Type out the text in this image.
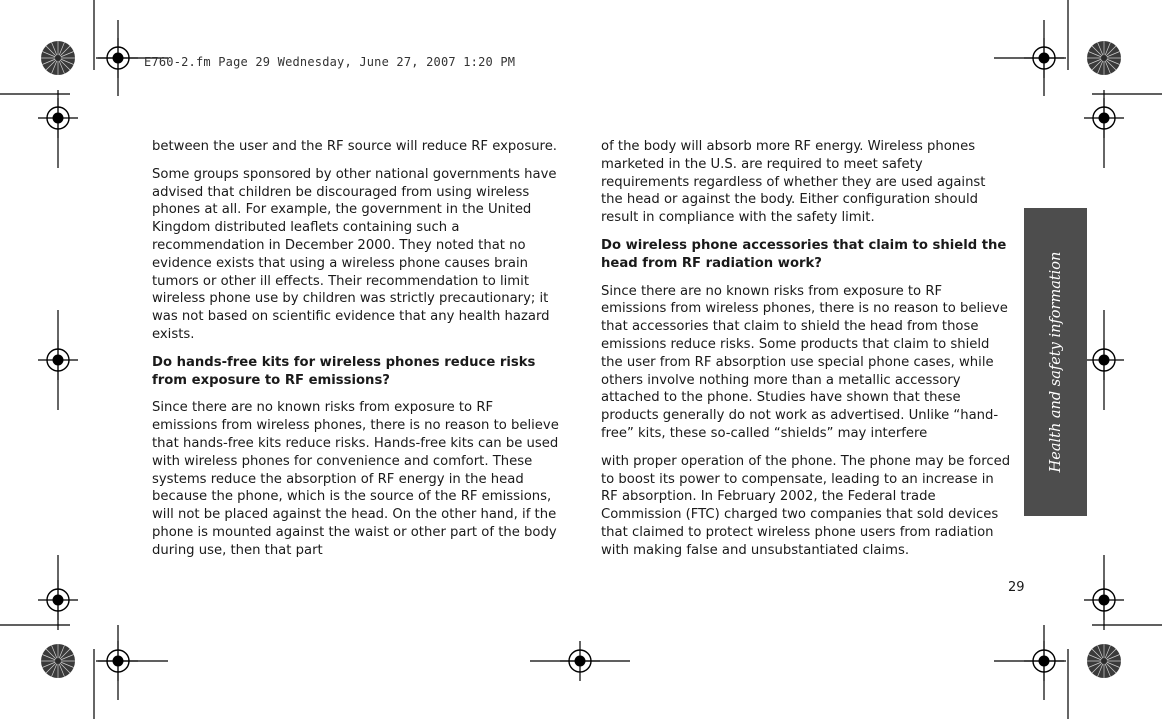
E760-2.fm Page 29 Wednesday, June 27, 2007 1:20 PM

between the user and the RF source will reduce RF exposure.

Some groups sponsored by other national governments have advised that children be discouraged from using wireless phones at all. For example, the government in the United Kingdom distributed leaflets containing such a recommendation in December 2000. They noted that no evidence exists that using a wireless phone causes brain tumors or other ill effects. Their recommendation to limit wireless phone use by children was strictly precautionary; it was not based on scientific evidence that any health hazard exists.

Do hands-free kits for wireless phones reduce risks from exposure to RF emissions?

Since there are no known risks from exposure to RF emissions from wireless phones, there is no reason to believe that hands-free kits reduce risks. Hands-free kits can be used with wireless phones for convenience and comfort. These systems reduce the absorption of RF energy in the head because the phone, which is the source of the RF emissions, will not be placed against the head. On the other hand, if the phone is mounted against the waist or other part of the body during use, then that part

of the body will absorb more RF energy. Wireless phones marketed in the U.S. are required to meet safety requirements regardless of whether they are used against the head or against the body. Either configuration should result in compliance with the safety limit.

Do wireless phone accessories that claim to shield the head from RF radiation work?

Since there are no known risks from exposure to RF emissions from wireless phones, there is no reason to believe that accessories that claim to shield the head from those emissions reduce risks. Some products that claim to shield the user from RF absorption use special phone cases, while others involve nothing more than a metallic accessory attached to the phone. Studies have shown that these products generally do not work as advertised. Unlike “hand-free” kits, these so-called “shields” may interfere

with proper operation of the phone. The phone may be forced to boost its power to compensate, leading to an increase in RF absorption. In February 2002, the Federal trade Commission (FTC) charged two companies that sold devices that claimed to protect wireless phone users from radiation with making false and unsubstantiated claims.

Health and safety information
29
